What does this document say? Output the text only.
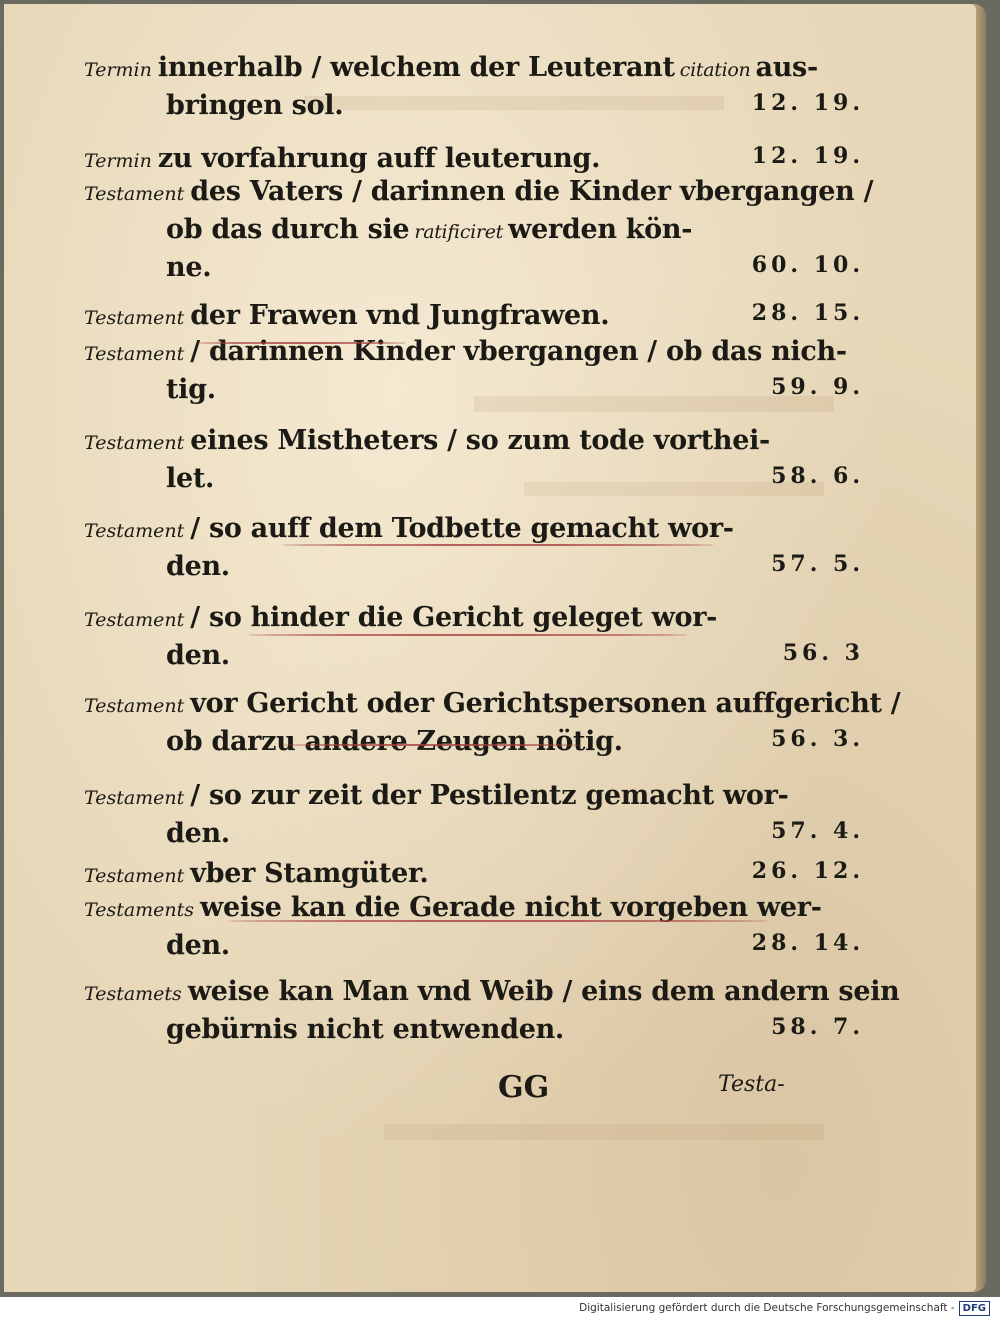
Termin innerhalb / welchem der Leuterant citation aus-
bringen sol.	12. 19.
Termin zu vorfahrung auff leuterung.	12. 19.
Testament des Vaters / darinnen die Kinder vbergangen /
ob das durch sie ratificiret werden kön-
ne.	60. 10.
Testament der Frawen vnd Jungfrawen.	28. 15.
Testament / darinnen Kinder vbergangen / ob das nich-
tig.	59. 9.
Testament eines Mistheters / so zum tode vorthei-
let.	58. 6.
Testament / so auff dem Todbette gemacht wor-
den.	57. 5.
Testament / so hinder die Gericht geleget wor-
den.	56. 3
Testament vor Gericht oder Gerichtspersonen auffgericht /
ob darzu andere Zeugen nötig.	56. 3.
Testament / so zur zeit der Pestilentz gemacht wor-
den.	57. 4.
Testament vber Stamgüter.	26. 12.
Testaments weise kan die Gerade nicht vorgeben wer-
den.	28. 14.
Testamets weise kan Man vnd Weib / eins dem andern sein
gebürnis nicht entwenden.	58. 7.
GG	Testa-
Digitalisierung gefördert durch die Deutsche Forschungsgemeinschaft - DFG
